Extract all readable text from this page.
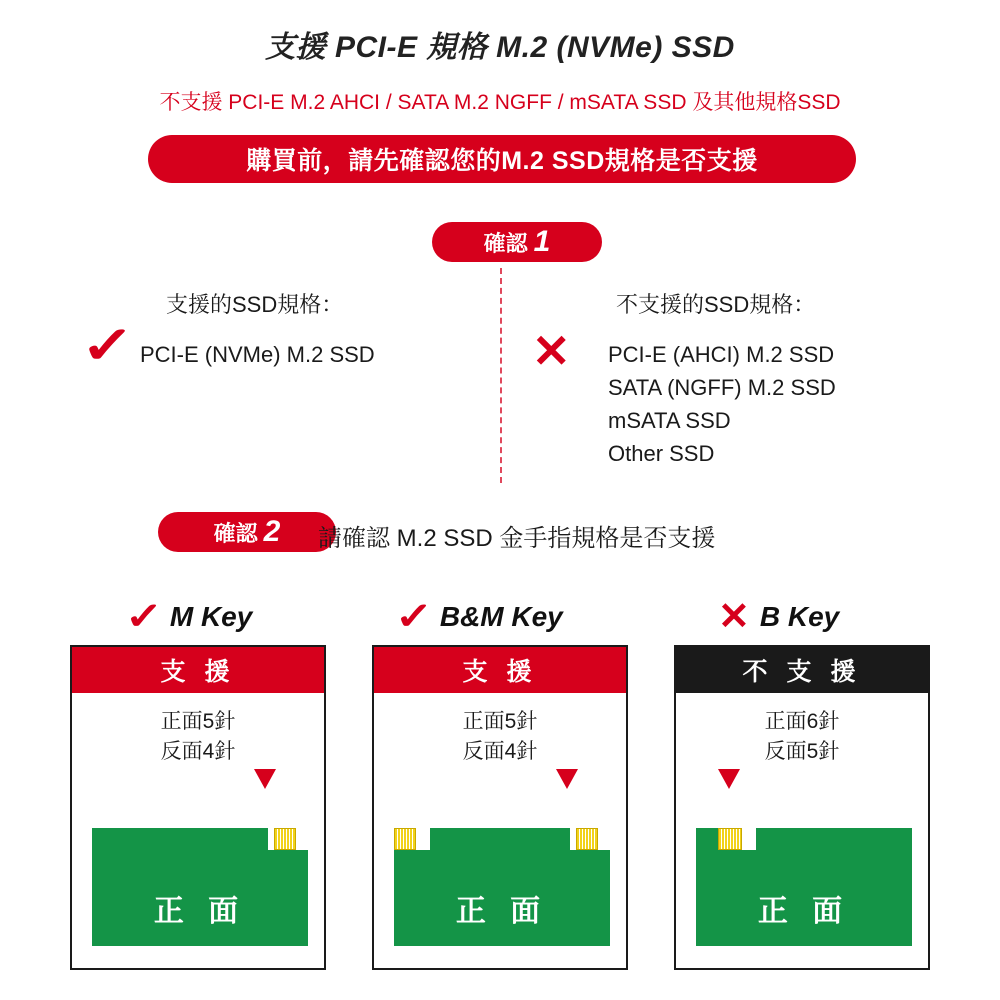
支援 PCI-E 規格 M.2 (NVMe) SSD
不支援 PCI-E M.2 AHCI / SATA M.2 NGFF / mSATA SSD 及其他規格SSD
購買前，請先確認您的M.2 SSD規格是否支援
確認 1
支援的SSD規格：
✓ PCI-E (NVMe) M.2 SSD
不支援的SSD規格：
✕ PCI-E (AHCI) M.2 SSD
SATA (NGFF) M.2 SSD
mSATA SSD
Other SSD
確認 2 請確認 M.2 SSD 金手指規格是否支援
✓ M Key	✓ B&M Key	✕ B Key
支 援
正面5針
反面4針
正 面
支 援
正面5針
反面4針
正 面
不 支 援
正面6針
反面5針
正 面
